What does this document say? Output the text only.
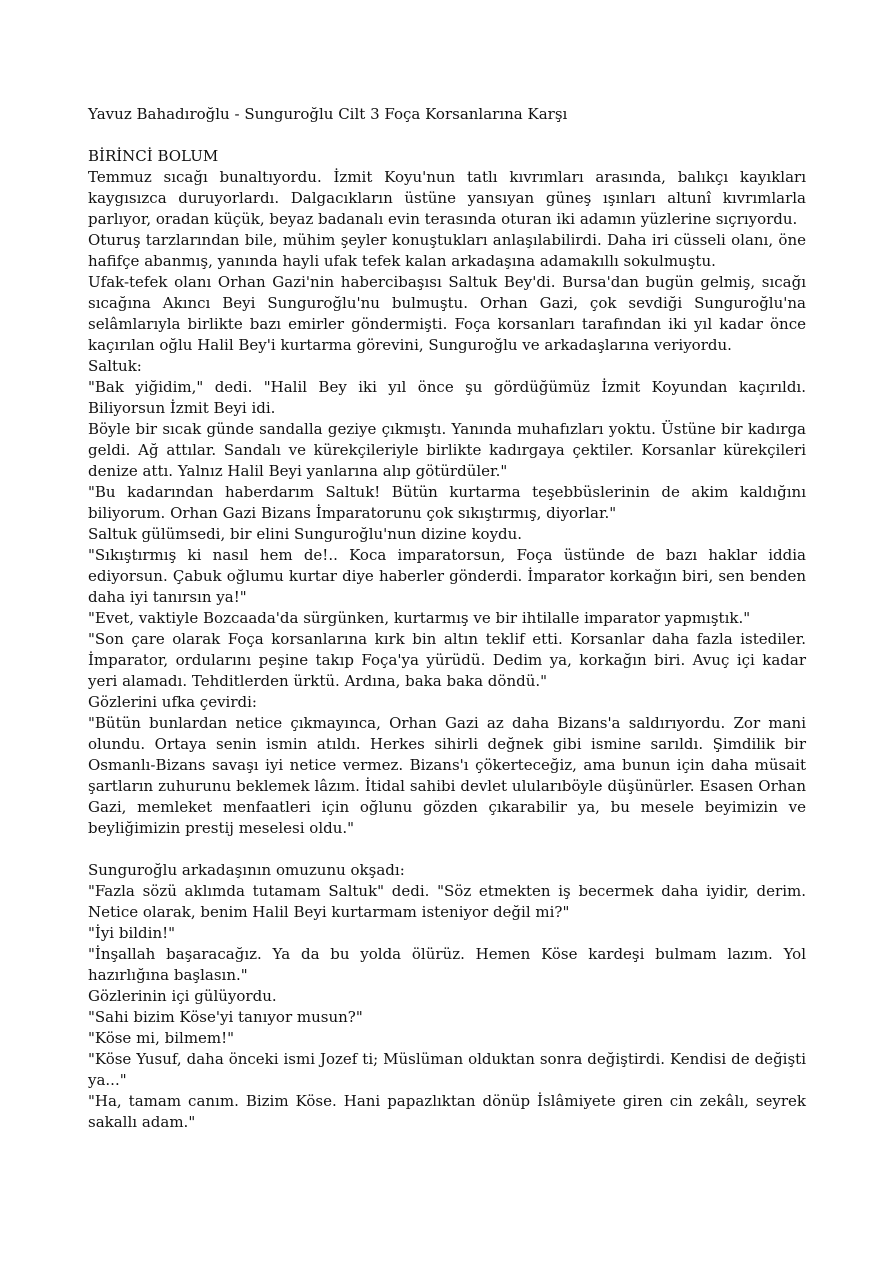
Yavuz Bahadıroğlu - Sunguroğlu Cilt 3 Foça Korsanlarına Karşı

BİRİNCİ BOLUM

Temmuz sıcağı bunaltıyordu. İzmit Koyu'nun tatlı kıvrımları arasında, balıkçı kayıkları kaygısızca duruyorlardı. Dalgacıkların üstüne yansıyan güneş ışınları altunî kıvrımlarla parlıyor, oradan küçük, beyaz badanalı evin terasında oturan iki adamın yüzlerine sıçrıyordu.

Oturuş tarzlarından bile, mühim şeyler konuştukları anlaşılabilirdi. Daha iri cüsseli olanı, öne hafifçe abanmış, yanında hayli ufak tefek kalan arkadaşına adamakıllı sokulmuştu.

Ufak-tefek olanı Orhan Gazi'nin habercibaşısı Saltuk Bey'di. Bursa'dan bugün gelmiş, sıcağı sıcağına Akıncı Beyi Sunguroğlu'nu bulmuştu. Orhan Gazi, çok sevdiği Sunguroğlu'na selâmlarıyla birlikte bazı emirler göndermişti. Foça korsanları tarafından iki yıl kadar önce kaçırılan oğlu Halil Bey'i kurtarma görevini, Sunguroğlu ve arkadaşlarına veriyordu.

Saltuk:

"Bak yiğidim," dedi. "Halil Bey iki yıl önce şu gördüğümüz İzmit Koyundan kaçırıldı. Biliyorsun İzmit Beyi idi.

Böyle bir sıcak günde sandalla geziye çıkmıştı. Yanında muhafızları yoktu. Üstüne bir kadırga geldi. Ağ attılar. Sandalı ve kürekçileriyle birlikte kadırgaya çektiler. Korsanlar kürekçileri denize attı. Yalnız Halil Beyi yanlarına alıp götürdüler."

"Bu kadarından haberdarım Saltuk! Bütün kurtarma teşebbüslerinin de akim kaldığını biliyorum. Orhan Gazi Bizans İmparatorunu çok sıkıştırmış, diyorlar."

Saltuk gülümsedi, bir elini Sunguroğlu'nun dizine koydu.

"Sıkıştırmış ki nasıl hem de!.. Koca imparatorsun, Foça üstünde de bazı haklar iddia ediyorsun. Çabuk oğlumu kurtar diye haberler gönderdi. İmparator korkağın biri, sen benden daha iyi tanırsın ya!"

"Evet, vaktiyle Bozcaada'da sürgünken, kurtarmış ve bir ihtilalle imparator yapmıştık."

"Son çare olarak Foça korsanlarına kırk bin altın teklif etti. Korsanlar daha fazla istediler. İmparator, ordularını peşine takıp Foça'ya yürüdü. Dedim ya, korkağın biri. Avuç içi kadar yeri alamadı. Tehditlerden ürktü. Ardına, baka baka döndü."

Gözlerini ufka çevirdi:

"Bütün bunlardan netice çıkmayınca, Orhan Gazi az daha Bizans'a saldırıyordu. Zor mani olundu. Ortaya senin ismin atıldı. Herkes sihirli değnek gibi ismine sarıldı. Şimdilik bir Osmanlı-Bizans savaşı iyi netice vermez. Bizans'ı çökerteceğiz, ama bunun için daha müsait şartların zuhurunu beklemek lâzım. İtidal sahibi devlet ulularıböyle düşünürler. Esasen Orhan Gazi, memleket menfaatleri için oğlunu gözden çıkarabilir ya, bu mesele beyimizin ve beyliğimizin prestij meselesi oldu."

Sunguroğlu arkadaşının omuzunu okşadı:

"Fazla sözü aklımda tutamam Saltuk" dedi. "Söz etmekten iş becermek daha iyidir, derim. Netice olarak, benim Halil Beyi kurtarmam isteniyor değil mi?"

"İyi bildin!"

"İnşallah başaracağız. Ya da bu yolda ölürüz. Hemen Köse kardeşi bulmam lazım. Yol hazırlığına başlasın."

Gözlerinin içi gülüyordu.

"Sahi bizim Köse'yi tanıyor musun?"

"Köse mi, bilmem!"

"Köse Yusuf, daha önceki ismi Jozef ti; Müslüman olduktan sonra değiştirdi. Kendisi de değişti ya..."

"Ha, tamam canım. Bizim Köse. Hani papazlıktan dönüp İslâmiyete giren cin zekâlı, seyrek sakallı adam."
